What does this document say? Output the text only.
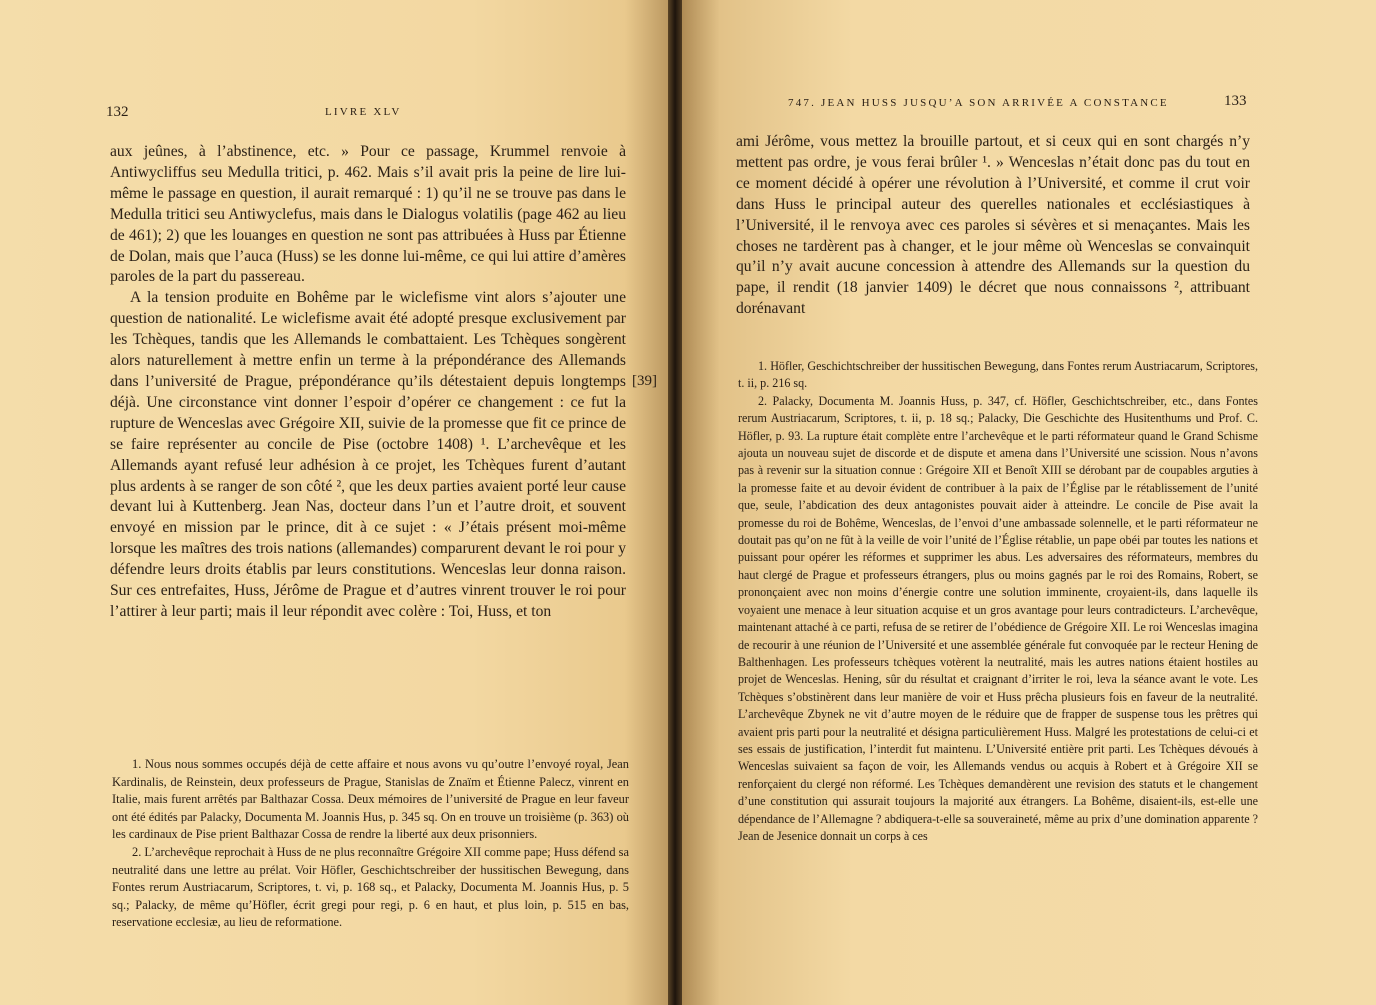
132	LIVRE XLV

aux jeûnes, à l’abstinence, etc. » Pour ce passage, Krummel renvoie à Antiwycliffus seu Medulla tritici, p. 462. Mais s’il avait pris la peine de lire lui-même le passage en question, il aurait remarqué : 1) qu’il ne se trouve pas dans le Medulla tritici seu Antiwyclefus, mais dans le Dialogus volatilis (page 462 au lieu de 461); 2) que les louanges en question ne sont pas attribuées à Huss par Étienne de Dolan, mais que l’auca (Huss) se les donne lui-même, ce qui lui attire d’amères paroles de la part du passereau.

A la tension produite en Bohême par le wiclefisme vint alors s’ajouter une question de nationalité. Le wiclefisme avait été adopté presque exclusivement par les Tchèques, tandis que les Allemands le combattaient. Les Tchèques songèrent alors naturellement à mettre enfin un terme à la prépondérance des Allemands dans l’université de Prague, prépondérance qu’ils détestaient depuis longtemps déjà. Une circonstance vint donner l’espoir d’opérer ce changement : ce fut la rupture de Wenceslas avec Grégoire XII, suivie de la promesse que fit ce prince de se faire représenter au concile de Pise (octobre 1408) ¹. L’archevêque et les Allemands ayant refusé leur adhésion à ce projet, les Tchèques furent d’autant plus ardents à se ranger de son côté ², que les deux parties avaient porté leur cause devant lui à Kuttenberg. Jean Nas, docteur dans l’un et l’autre droit, et souvent envoyé en mission par le prince, dit à ce sujet : « J’étais présent moi-même lorsque les maîtres des trois nations (allemandes) comparurent devant le roi pour y défendre leurs droits établis par leurs constitutions. Wenceslas leur donna raison. Sur ces entrefaites, Huss, Jérôme de Prague et d’autres vinrent trouver le roi pour l’attirer à leur parti; mais il leur répondit avec colère : Toi, Huss, et ton

[39]

1. Nous nous sommes occupés déjà de cette affaire et nous avons vu qu’outre l’envoyé royal, Jean Kardinalis, de Reinstein, deux professeurs de Prague, Stanislas de Znaïm et Étienne Palecz, vinrent en Italie, mais furent arrêtés par Balthazar Cossa. Deux mémoires de l’université de Prague en leur faveur ont été édités par Palacky, Documenta M. Joannis Hus, p. 345 sq. On en trouve un troisième (p. 363) où les cardinaux de Pise prient Balthazar Cossa de rendre la liberté aux deux prisonniers.

2. L’archevêque reprochait à Huss de ne plus reconnaître Grégoire XII comme pape; Huss défend sa neutralité dans une lettre au prélat. Voir Höfler, Geschichtschreiber der hussitischen Bewegung, dans Fontes rerum Austriacarum, Scriptores, t. vi, p. 168 sq., et Palacky, Documenta M. Joannis Hus, p. 5 sq.; Palacky, de même qu’Höfler, écrit gregi pour regi, p. 6 en haut, et plus loin, p. 515 en bas, reservatione ecclesiæ, au lieu de reformatione.

747. JEAN HUSS JUSQU’A SON ARRIVÉE A CONSTANCE	133

ami Jérôme, vous mettez la brouille partout, et si ceux qui en sont chargés n’y mettent pas ordre, je vous ferai brûler ¹. » Wenceslas n’était donc pas du tout en ce moment décidé à opérer une révolution à l’Université, et comme il crut voir dans Huss le principal auteur des querelles nationales et ecclésiastiques à l’Université, il le renvoya avec ces paroles si sévères et si menaçantes. Mais les choses ne tardèrent pas à changer, et le jour même où Wenceslas se convainquit qu’il n’y avait aucune concession à attendre des Allemands sur la question du pape, il rendit (18 janvier 1409) le décret que nous connaissons ², attribuant dorénavant

1. Höfler, Geschichtschreiber der hussitischen Bewegung, dans Fontes rerum Austriacarum, Scriptores, t. ii, p. 216 sq.

2. Palacky, Documenta M. Joannis Huss, p. 347, cf. Höfler, Geschichtschreiber, etc., dans Fontes rerum Austriacarum, Scriptores, t. ii, p. 18 sq.; Palacky, Die Geschichte des Husitenthums und Prof. C. Höfler, p. 93. La rupture était complète entre l’archevêque et le parti réformateur quand le Grand Schisme ajouta un nouveau sujet de discorde et de dispute et amena dans l’Université une scission. Nous n’avons pas à revenir sur la situation connue : Grégoire XII et Benoît XIII se dérobant par de coupables arguties à la promesse faite et au devoir évident de contribuer à la paix de l’Église par le rétablissement de l’unité que, seule, l’abdication des deux antagonistes pouvait aider à atteindre. Le concile de Pise avait la promesse du roi de Bohême, Wenceslas, de l’envoi d’une ambassade solennelle, et le parti réformateur ne doutait pas qu’on ne fût à la veille de voir l’unité de l’Église rétablie, un pape obéi par toutes les nations et puissant pour opérer les réformes et supprimer les abus. Les adversaires des réformateurs, membres du haut clergé de Prague et professeurs étrangers, plus ou moins gagnés par le roi des Romains, Robert, se prononçaient avec non moins d’énergie contre une solution imminente, croyaient-ils, dans laquelle ils voyaient une menace à leur situation acquise et un gros avantage pour leurs contradicteurs. L’archevêque, maintenant attaché à ce parti, refusa de se retirer de l’obédience de Grégoire XII. Le roi Wenceslas imagina de recourir à une réunion de l’Université et une assemblée générale fut convoquée par le recteur Hening de Balthenhagen. Les professeurs tchèques votèrent la neutralité, mais les autres nations étaient hostiles au projet de Wenceslas. Hening, sûr du résultat et craignant d’irriter le roi, leva la séance avant le vote. Les Tchèques s’obstinèrent dans leur manière de voir et Huss prêcha plusieurs fois en faveur de la neutralité. L’archevêque Zbynek ne vit d’autre moyen de le réduire que de frapper de suspense tous les prêtres qui avaient pris parti pour la neutralité et désigna particulièrement Huss. Malgré les protestations de celui-ci et ses essais de justification, l’interdit fut maintenu. L’Université entière prit parti. Les Tchèques dévoués à Wenceslas suivaient sa façon de voir, les Allemands vendus ou acquis à Robert et à Grégoire XII se renforçaient du clergé non réformé. Les Tchèques demandèrent une revision des statuts et le changement d’une constitution qui assurait toujours la majorité aux étrangers. La Bohême, disaient-ils, est-elle une dépendance de l’Allemagne ? abdiquera-t-elle sa souveraineté, même au prix d’une domination apparente ? Jean de Jesenice donnait un corps à ces
